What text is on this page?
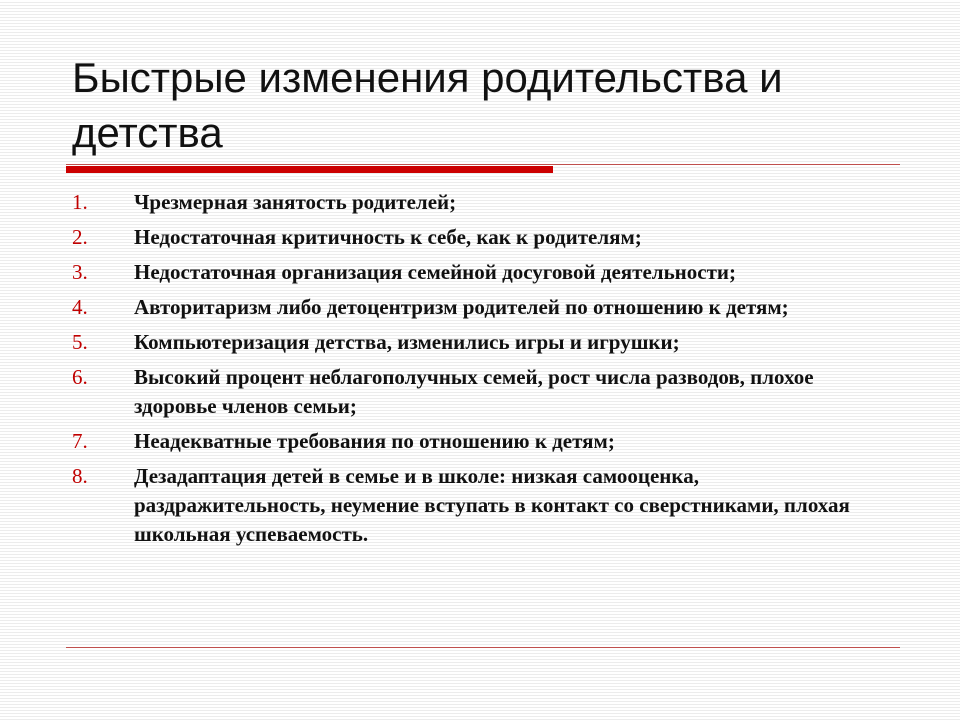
Быстрые изменения родительства и детства
1.	Чрезмерная занятость родителей;
2.	Недостаточная критичность к себе, как к родителям;
3.	Недостаточная организация семейной досуговой деятельности;
4.	Авторитаризм либо детоцентризм родителей по отношению к детям;
5.	Компьютеризация детства, изменились игры и игрушки;
6.	Высокий процент неблагополучных семей, рост числа разводов, плохое здоровье членов семьи;
7.	Неадекватные требования по отношению к детям;
8.	Дезадаптация детей в семье и в школе: низкая самооценка, раздражительность, неумение вступать в контакт со сверстниками, плохая школьная успеваемость.
